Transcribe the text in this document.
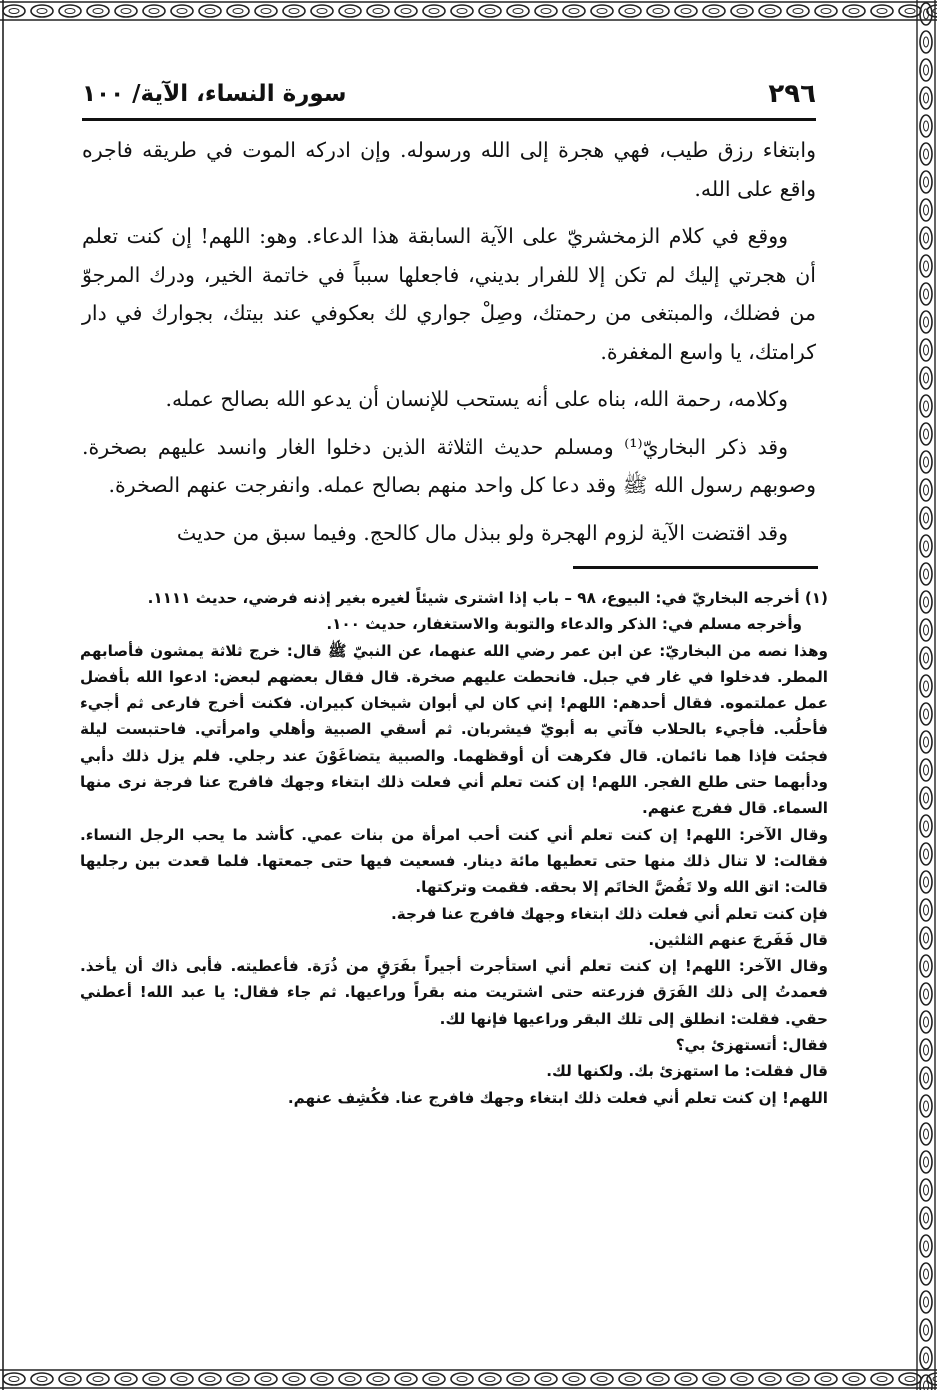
٢٩٦
سورة النساء، الآية/ ١٠٠

وابتغاء رزق طيب، فهي هجرة إلى الله ورسوله. وإن ادركه الموت في طريقه فاجره واقع على الله.

ووقع في كلام الزمخشريّ على الآية السابقة هذا الدعاء. وهو: اللهم! إن كنت تعلم أن هجرتي إليك لم تكن إلا للفرار بديني، فاجعلها سبباً في خاتمة الخير، ودرك المرجوّ من فضلك، والمبتغى من رحمتك، وصِلْ جواري لك بعكوفي عند بيتك، بجوارك في دار كرامتك، يا واسع المغفرة.

وكلامه، رحمة الله، بناه على أنه يستحب للإنسان أن يدعو الله بصالح عمله.

وقد ذكر البخاريّ⁽¹⁾ ومسلم حديث الثلاثة الذين دخلوا الغار وانسد عليهم بصخرة. وصوبهم رسول الله ﷺ وقد دعا كل واحد منهم بصالح عمله. وانفرجت عنهم الصخرة.

وقد اقتضت الآية لزوم الهجرة ولو ببذل مال كالحج. وفيما سبق من حديث

(١) أخرجه البخاريّ في: البيوع، ٩٨ – باب إذا اشترى شيئاً لغيره بغير إذنه فرضي، حديث ١١١١.

وأخرجه مسلم في: الذكر والدعاء والتوبة والاستغفار، حديث ١٠٠.

وهذا نصه من البخاريّ: عن ابن عمر رضي الله عنهما، عن النبيّ ﷺ قال: خرج ثلاثة يمشون فأصابهم المطر. فدخلوا في غار في جبل. فانحطت عليهم صخرة. قال فقال بعضهم لبعض: ادعوا الله بأفضل عمل عملتموه. فقال أحدهم: اللهم! إني كان لي أبوان شيخان كبيران. فكنت أخرج فارعى ثم أجيء فأحلُب. فأجيء بالحلاب فآتي به أبويّ فيشربان. ثم أسقي الصبية وأهلي وامرأتي. فاحتبست ليلة فجئت فإذا هما نائمان. قال فكرهت أن أوقظهما. والصبية يتضاغَوْنَ عند رجلي. فلم يزل ذلك دأبي ودأبهما حتى طلع الفجر. اللهم! إن كنت تعلم أني فعلت ذلك ابتغاء وجهك فافرج عنا فرجة نرى منها السماء. قال ففرج عنهم.

وقال الآخر: اللهم! إن كنت تعلم أني كنت أحب امرأة من بنات عمي. كأشد ما يحب الرجل النساء. فقالت: لا تنال ذلك منها حتى تعطيها مائة دينار. فسعيت فيها حتى جمعتها. فلما قعدت بين رجليها قالت: اتق الله ولا تَفُضَّ الخاتَم إلا بحقه. فقمت وتركتها.

فإن كنت تعلم أني فعلت ذلك ابتغاء وجهك فافرج عنا فرجة.

قال فَفَرجَ عنهم الثلثين.

وقال الآخر: اللهم! إن كنت تعلم أني استأجرت أجيراً بفَرَقٍ من ذُرَة. فأعطيته. فأبى ذاك أن يأخذ. فعمدتُ إلى ذلك الفَرَق فزرعته حتى اشتريت منه بقراً وراعيها. ثم جاء فقال: يا عبد الله! أعطني حقي. فقلت: انطلق إلى تلك البقر وراعيها فإنها لك.

فقال: أتستهزئ بي؟

قال فقلت: ما استهزئ بك. ولكنها لك.

اللهم! إن كنت تعلم أني فعلت ذلك ابتغاء وجهك فافرج عنا. فكُشِف عنهم.
